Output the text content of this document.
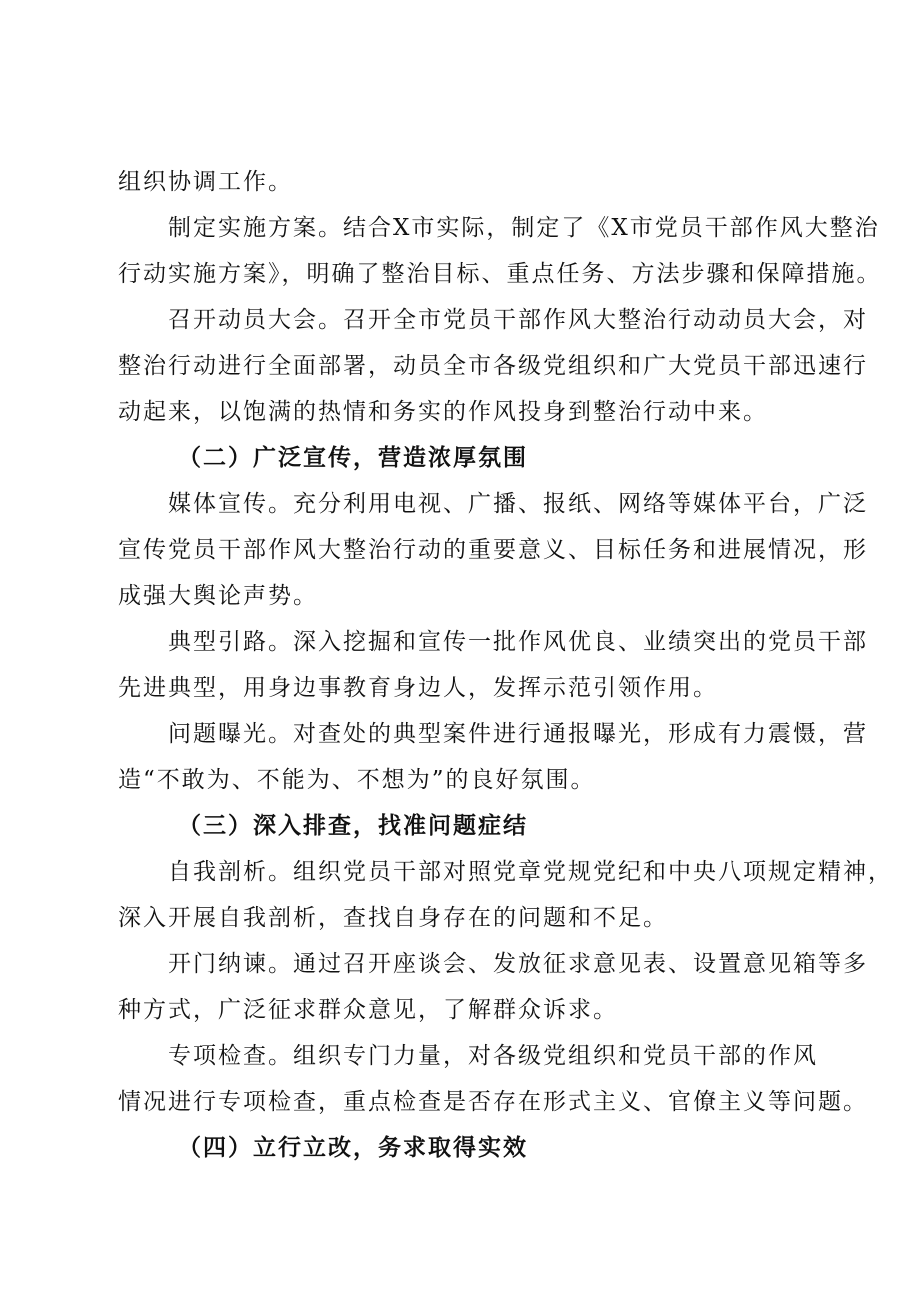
组织协调工作。
制定实施方案。结合X市实际，制定了《X市党员干部作风大整治
行动实施方案》，明确了整治目标、重点任务、方法步骤和保障措施。
召开动员大会。召开全市党员干部作风大整治行动动员大会，对
整治行动进行全面部署，动员全市各级党组织和广大党员干部迅速行
动起来，以饱满的热情和务实的作风投身到整治行动中来。
（二）广泛宣传，营造浓厚氛围
媒体宣传。充分利用电视、广播、报纸、网络等媒体平台，广泛
宣传党员干部作风大整治行动的重要意义、目标任务和进展情况，形
成强大舆论声势。
典型引路。深入挖掘和宣传一批作风优良、业绩突出的党员干部
先进典型，用身边事教育身边人，发挥示范引领作用。
问题曝光。对查处的典型案件进行通报曝光，形成有力震慑，营
造“不敢为、不能为、不想为”的良好氛围。
（三）深入排查，找准问题症结
自我剖析。组织党员干部对照党章党规党纪和中央八项规定精神，
深入开展自我剖析，查找自身存在的问题和不足。
开门纳谏。通过召开座谈会、发放征求意见表、设置意见箱等多
种方式，广泛征求群众意见，了解群众诉求。
专项检查。组织专门力量，对各级党组织和党员干部的作风
情况进行专项检查，重点检查是否存在形式主义、官僚主义等问题。
（四）立行立改，务求取得实效
